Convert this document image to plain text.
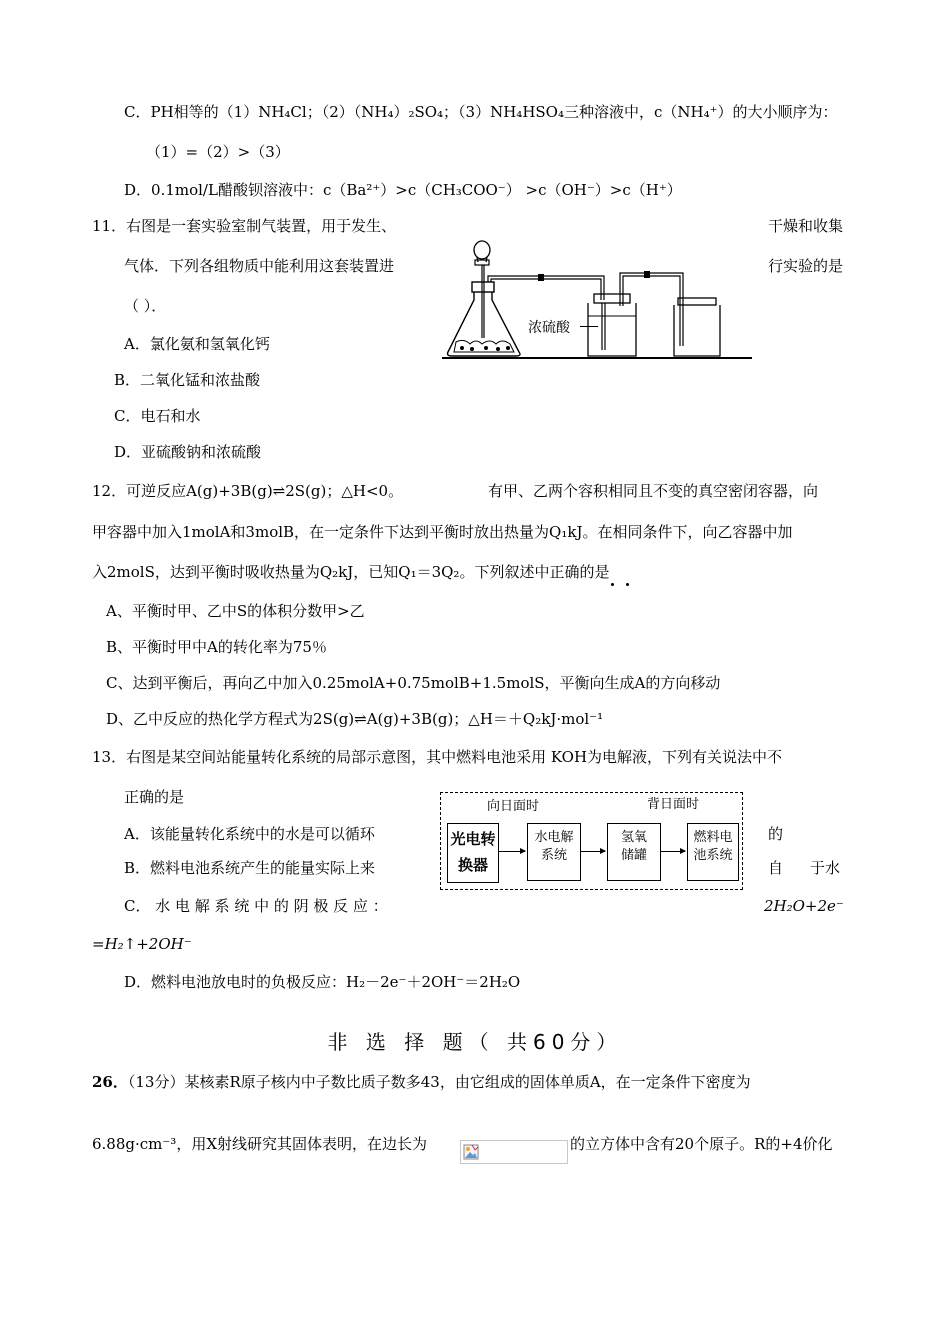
C．PH相等的（1）NH₄Cl；（2）（NH₄）₂SO₄；（3）NH₄HSO₄三种溶液中，c（NH₄⁺）的大小顺序为：
（1）=（2）>（3）
D．0.1mol/L醋酸钡溶液中：c（Ba²⁺）>c（CH₃COO⁻） >c（OH⁻）>c（H⁺）
11．右图是一套实验室制气装置，用于发生、	干燥和收集
气体．下列各组物质中能利用这套装置进	行实验的是
（ ）．
浓硫酸
A．氯化氨和氢氧化钙
B．二氧化锰和浓盐酸
C．电石和水
D．亚硫酸钠和浓硫酸
12．可逆反应A(g)+3B(g)⇌2S(g)；△H<0。	有甲、乙两个容积相同且不变的真空密闭容器，向
甲容器中加入1molA和3molB，在一定条件下达到平衡时放出热量为Q₁kJ。在相同条件下，向乙容器中加
入2molS，达到平衡时吸收热量为Q₂kJ，已知Q₁＝3Q₂。下列叙述中正确的是
A、平衡时甲、乙中S的体积分数甲>乙
B、平衡时甲中A的转化率为75％
C、达到平衡后，再向乙中加入0.25molA+0.75molB+1.5molS，平衡向生成A的方向移动
D、乙中反应的热化学方程式为2S(g)⇌A(g)+3B(g)；△H＝＋Q₂kJ·mol⁻¹
13．右图是某空间站能量转化系统的局部示意图，其中燃料电池采用 KOH为电解液，下列有关说法中不
正确的是
A．该能量转化系统中的水是可以循环	的
B．燃料电池系统产生的能量实际上来	自 于水
C． 水 电 解 系 统 中 的 阴 极 反 应 ：	2H₂O+2e⁻
=H₂↑+2OH⁻
D．燃料电池放电时的负极反应：H₂－2e⁻＋2OH⁻＝2H₂O
向日面时	背日面时
光电转换器
水电解
系统
氢氧
储罐
燃料电
池系统
非 选 择 题（ 共60分）
26．（13分）某核素R原子核内中子数比质子数多43，由它组成的固体单质A，在一定条件下密度为
6.88g·cm⁻³，用X射线研究其固体表明，在边长为	的立方体中含有20个原子。R的+4价化
